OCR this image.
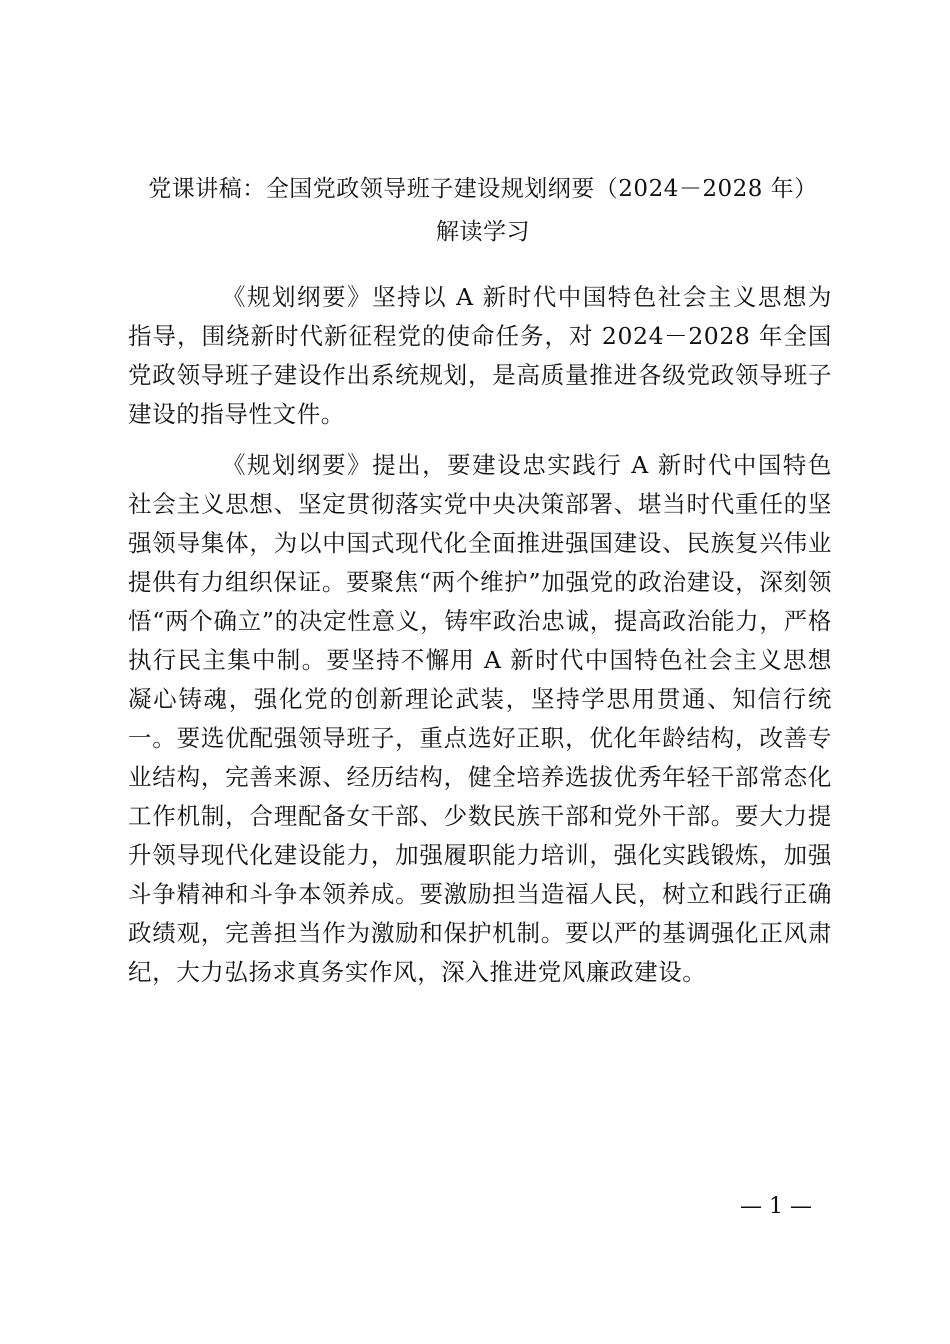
党课讲稿：全国党政领导班子建设规划纲要（2024－2028 年）
解读学习

《规划纲要》坚持以 A 新时代中国特色社会主义思想为指导，围绕新时代新征程党的使命任务，对 2024－2028 年全国党政领导班子建设作出系统规划，是高质量推进各级党政领导班子建设的指导性文件。

《规划纲要》提出，要建设忠实践行 A 新时代中国特色社会主义思想、坚定贯彻落实党中央决策部署、堪当时代重任的坚强领导集体，为以中国式现代化全面推进强国建设、民族复兴伟业提供有力组织保证。要聚焦“两个维护”加强党的政治建设，深刻领悟“两个确立”的决定性意义，铸牢政治忠诚，提高政治能力，严格执行民主集中制。要坚持不懈用 A 新时代中国特色社会主义思想凝心铸魂，强化党的创新理论武装，坚持学思用贯通、知信行统一。要选优配强领导班子，重点选好正职，优化年龄结构，改善专业结构，完善来源、经历结构，健全培养选拔优秀年轻干部常态化工作机制，合理配备女干部、少数民族干部和党外干部。要大力提升领导现代化建设能力，加强履职能力培训，强化实践锻炼，加强斗争精神和斗争本领养成。要激励担当造福人民，树立和践行正确政绩观，完善担当作为激励和保护机制。要以严的基调强化正风肃纪，大力弘扬求真务实作风，深入推进党风廉政建设。

— 1 —
